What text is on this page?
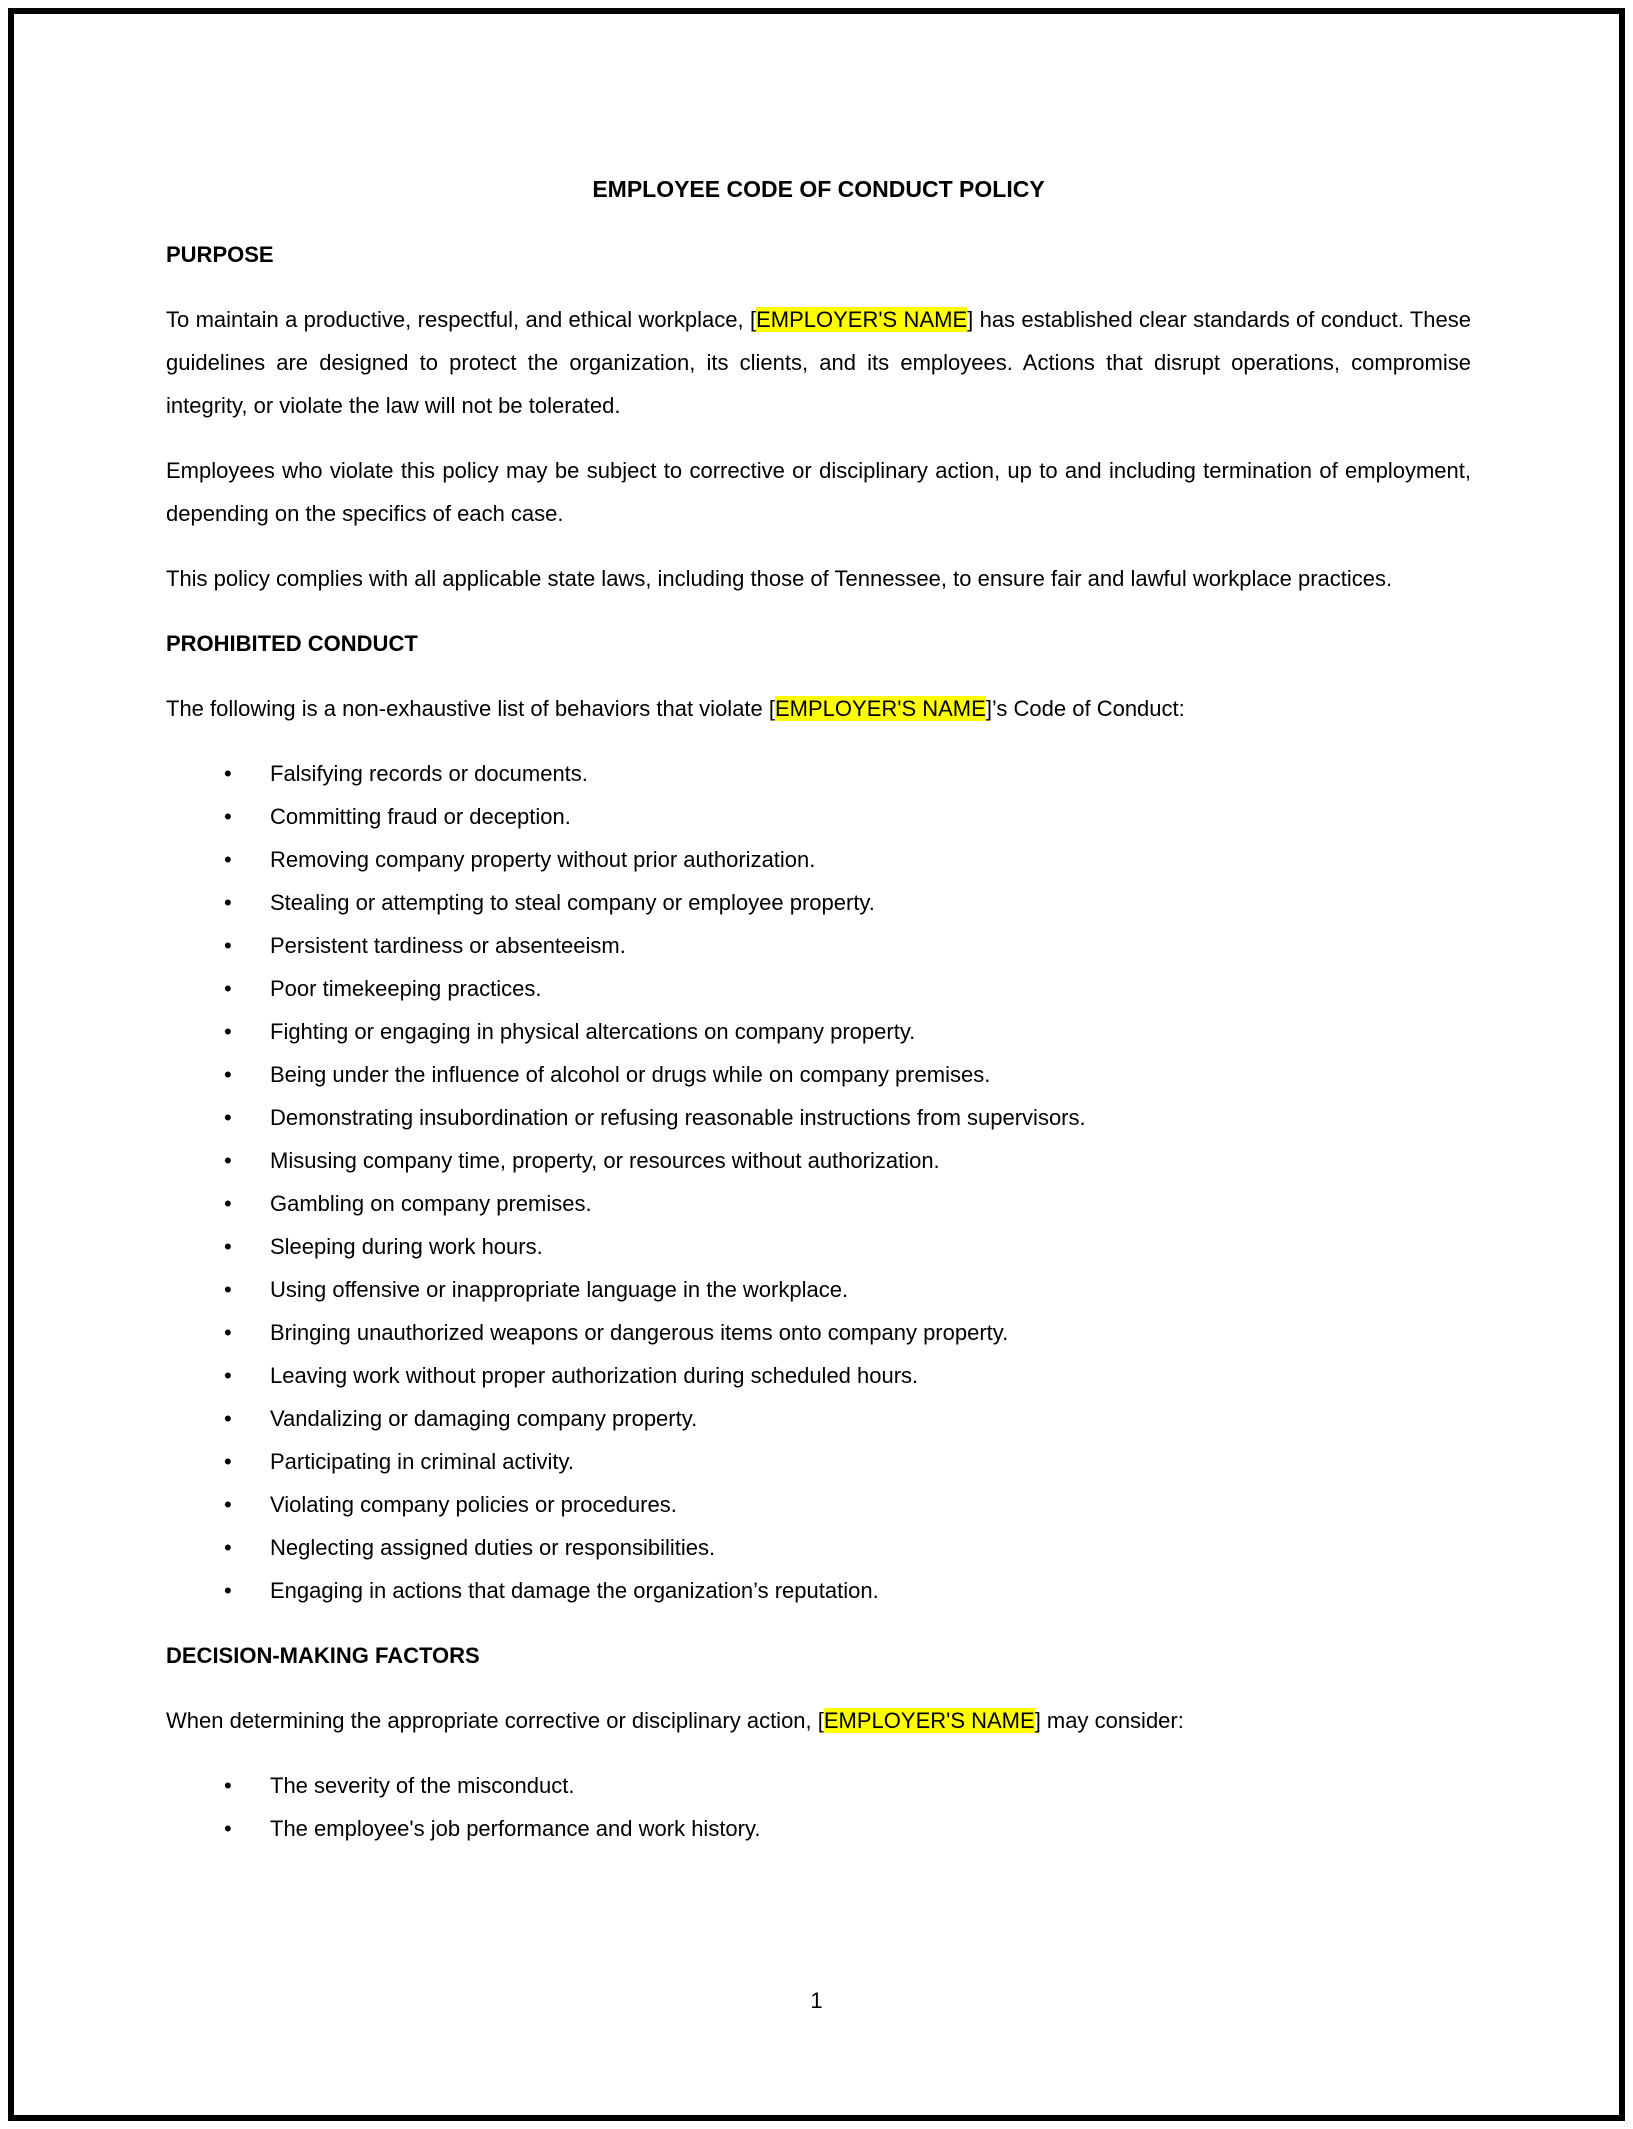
EMPLOYEE CODE OF CONDUCT POLICY
PURPOSE

To maintain a productive, respectful, and ethical workplace, [EMPLOYER'S NAME] has established clear standards of conduct. These guidelines are designed to protect the organization, its clients, and its employees. Actions that disrupt operations, compromise integrity, or violate the law will not be tolerated.

Employees who violate this policy may be subject to corrective or disciplinary action, up to and including termination of employment, depending on the specifics of each case.

This policy complies with all applicable state laws, including those of Tennessee, to ensure fair and lawful workplace practices.

PROHIBITED CONDUCT

The following is a non-exhaustive list of behaviors that violate [EMPLOYER'S NAME]’s Code of Conduct:

• Falsifying records or documents.
• Committing fraud or deception.
• Removing company property without prior authorization.
• Stealing or attempting to steal company or employee property.
• Persistent tardiness or absenteeism.
• Poor timekeeping practices.
• Fighting or engaging in physical altercations on company property.
• Being under the influence of alcohol or drugs while on company premises.
• Demonstrating insubordination or refusing reasonable instructions from supervisors.
• Misusing company time, property, or resources without authorization.
• Gambling on company premises.
• Sleeping during work hours.
• Using offensive or inappropriate language in the workplace.
• Bringing unauthorized weapons or dangerous items onto company property.
• Leaving work without proper authorization during scheduled hours.
• Vandalizing or damaging company property.
• Participating in criminal activity.
• Violating company policies or procedures.
• Neglecting assigned duties or responsibilities.
• Engaging in actions that damage the organization’s reputation.
DECISION-MAKING FACTORS

When determining the appropriate corrective or disciplinary action, [EMPLOYER'S NAME] may consider:

• The severity of the misconduct.
• The employee's job performance and work history.
1
